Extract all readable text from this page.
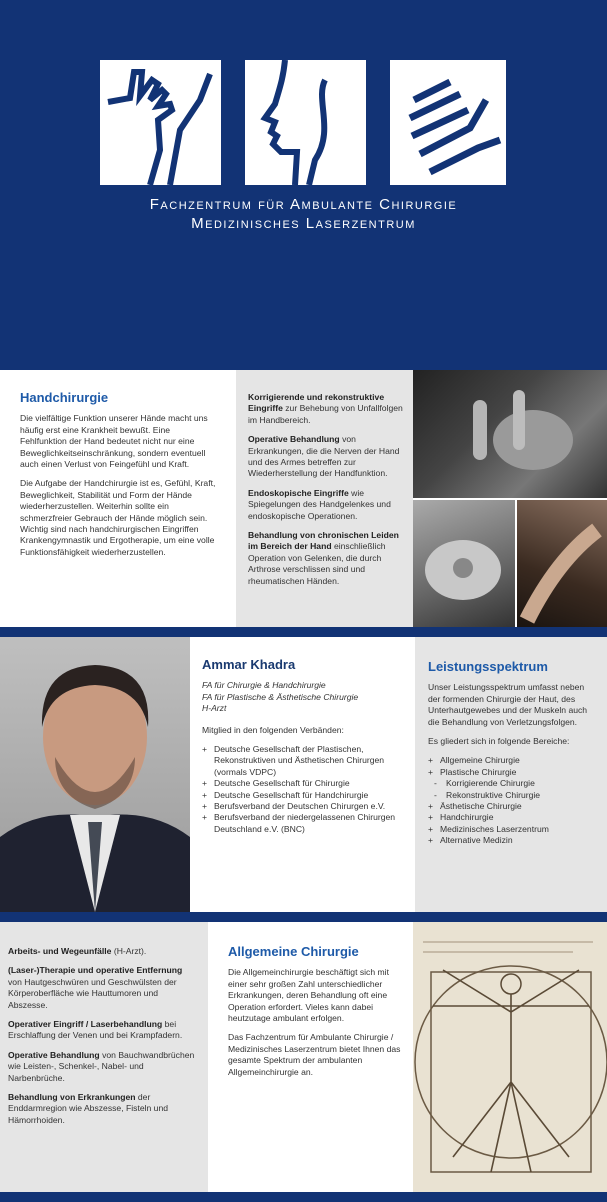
Fachzentrum für Ambulante Chirurgie
Medizinisches Laserzentrum
Handchirurgie

Die vielfältige Funktion unserer Hände macht uns häufig erst eine Krankheit bewußt. Eine Fehlfunktion der Hand bedeutet nicht nur eine Beweglichkeitseinschränkung, sondern eventuell auch einen Verlust von Feingefühl und Kraft.

Die Aufgabe der Handchirurgie ist es, Gefühl, Kraft, Beweglichkeit, Stabilität und Form der Hände wiederherzustellen. Weiterhin sollte ein schmerzfreier Gebrauch der Hände möglich sein. Wichtig sind nach handchirurgischen Eingriffen Krankengymnastik und Ergotherapie, um eine volle Funktionsfähigkeit wiederherzustellen.

Korrigierende und rekonstruktive Eingriffe zur Behebung von Unfallfolgen im Handbereich.

Operative Behandlung von Erkrankungen, die die Nerven der Hand und des Armes betreffen zur Wiederherstellung der Handfunktion.

Endoskopische Eingriffe wie Spiegelungen des Handgelenkes und endoskopische Operationen.

Behandlung von chronischen Leiden im Bereich der Hand einschließlich Operation von Gelenken, die durch Arthrose verschlissen sind und rheumatischen Händen.

Ammar Khadra
FA für Chirurgie & Handchirurgie
FA für Plastische & Ästhetische Chirurgie
H-Arzt

Mitglied in den folgenden Verbänden:

+ Deutsche Gesellschaft der Plastischen, Rekonstruktiven und Ästhetischen Chirurgen (vormals VDPC)
+ Deutsche Gesellschaft für Chirurgie
+ Deutsche Gesellschaft für Handchirurgie
+ Berufsverband der Deutschen Chirurgen e.V.
+ Berufsverband der niedergelassenen Chirurgen Deutschland e.V. (BNC)
Leistungsspektrum

Unser Leistungsspektrum umfasst neben der formenden Chirurgie der Haut, des Unterhautgewebes und der Muskeln auch die Behandlung von Verletzungsfolgen.

Es gliedert sich in folgende Bereiche:

+ Allgemeine Chirurgie
+ Plastische Chirurgie
- Korrigierende Chirurgie
- Rekonstruktive Chirurgie
+ Ästhetische Chirurgie
+ Handchirurgie
+ Medizinisches Laserzentrum
+ Alternative Medizin

Arbeits- und Wegeunfälle (H-Arzt).

(Laser-)Therapie und operative Entfernung von Hautgeschwüren und Geschwülsten der Körperoberfläche wie Hauttumoren und Abszesse.

Operativer Eingriff / Laserbehandlung bei Erschlaffung der Venen und bei Krampfadern.

Operative Behandlung von Bauchwandbrüchen wie Leisten-, Schenkel-, Nabel- und Narbenbrüche.

Behandlung von Erkrankungen der Enddarmregion wie Abszesse, Fisteln und Hämorrhoiden.

Allgemeine Chirurgie

Die Allgemeinchirurgie beschäftigt sich mit einer sehr großen Zahl unterschiedlicher Erkrankungen, deren Behandlung oft eine Operation erfordert. Vieles kann dabei heutzutage ambulant erfolgen.

Das Fachzentrum für Ambulante Chirurgie / Medizinisches Laserzentrum bietet Ihnen das gesamte Spektrum der ambulanten Allgemeinchirurgie an.
